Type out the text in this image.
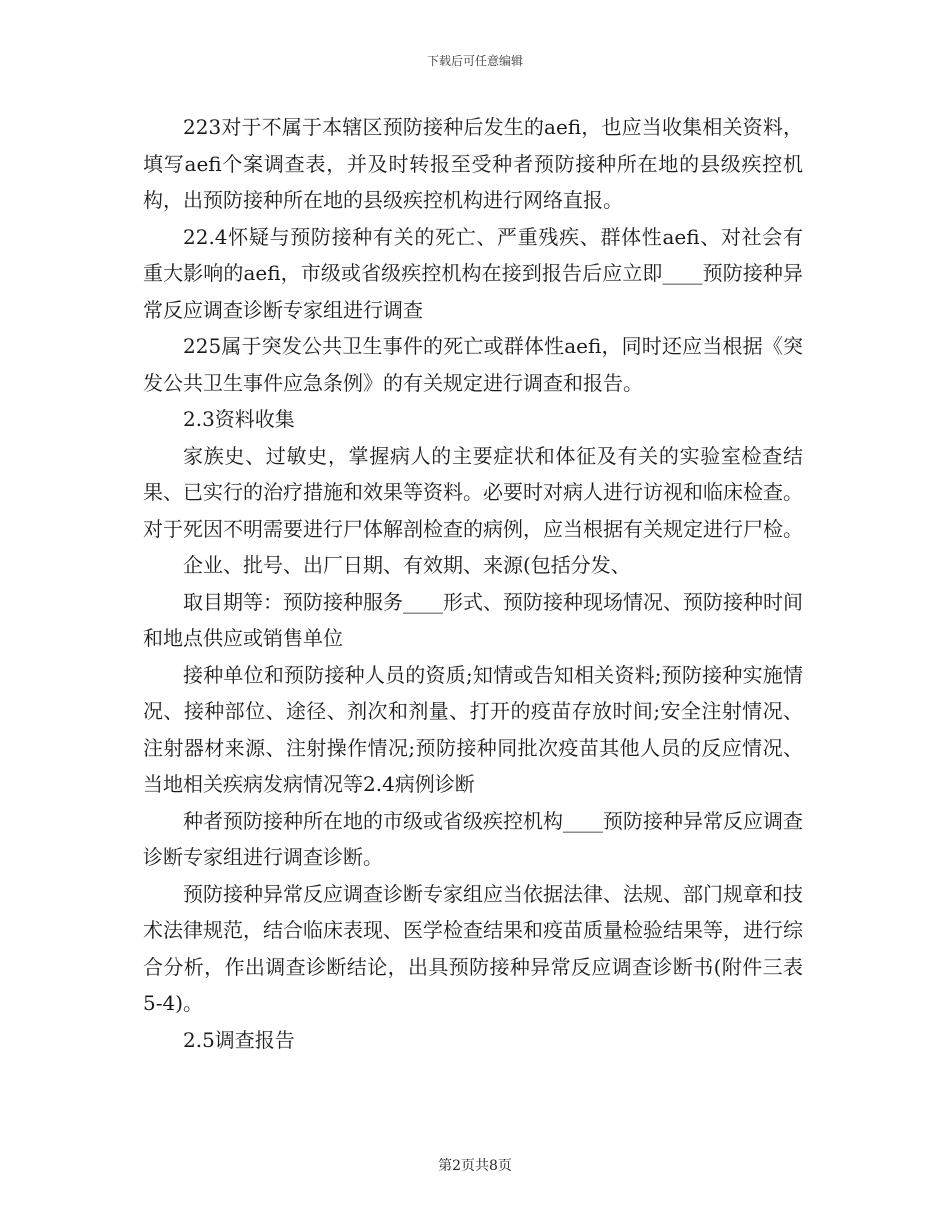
下载后可任意编辑

223对于不属于本辖区预防接种后发生的aefi，也应当收集相关资料，填写aefi个案调查表，并及时转报至受种者预防接种所在地的县级疾控机构，出预防接种所在地的县级疾控机构进行网络直报。

22.4怀疑与预防接种有关的死亡、严重残疾、群体性aefi、对社会有重大影响的aefi，市级或省级疾控机构在接到报告后应立即____预防接种异常反应调查诊断专家组进行调查

225属于突发公共卫生事件的死亡或群体性aefi，同时还应当根据《突发公共卫生事件应急条例》的有关规定进行调查和报告。

2.3资料收集

家族史、过敏史，掌握病人的主要症状和体征及有关的实验室检查结果、已实行的治疗措施和效果等资料。必要时对病人进行访视和临床检查。对于死因不明需要进行尸体解剖检查的病例，应当根据有关规定进行尸检。

企业、批号、出厂日期、有效期、来源(包括分发、

取目期等：预防接种服务____形式、预防接种现场情况、预防接种时间和地点供应或销售单位

接种单位和预防接种人员的资质;知情或告知相关资料;预防接种实施情况、接种部位、途径、剂次和剂量、打开的疫苗存放时间;安全注射情况、注射器材来源、注射操作情况;预防接种同批次疫苗其他人员的反应情况、当地相关疾病发病情况等2.4病例诊断

种者预防接种所在地的市级或省级疾控机构____预防接种异常反应调查诊断专家组进行调查诊断。

预防接种异常反应调查诊断专家组应当依据法律、法规、部门规章和技术法律规范，结合临床表现、医学检查结果和疫苗质量检验结果等，进行综合分析，作出调查诊断结论，出具预防接种异常反应调查诊断书(附件三表5-4)。

2.5调查报告

第2页共8页
